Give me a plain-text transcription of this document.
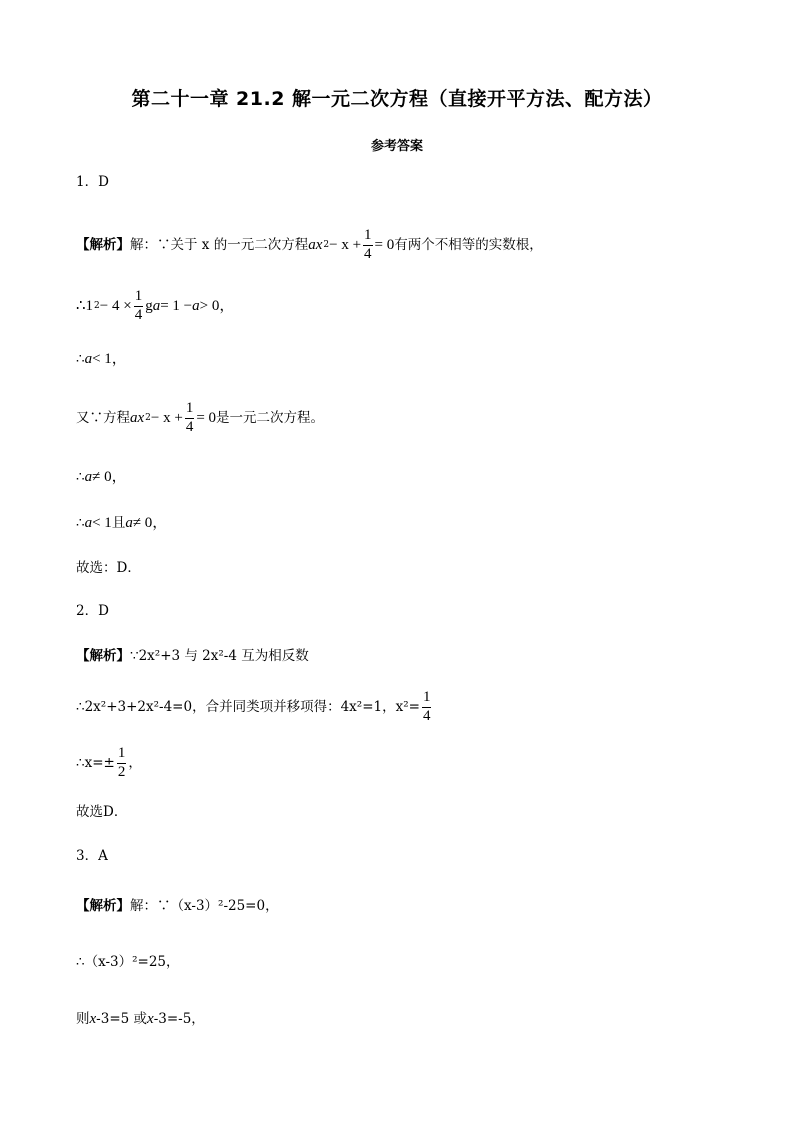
第二十一章 21.2 解一元二次方程（直接开平方法、配方法）
参考答案
1．D
【解析】 解：∵关于 x 的一元二次方程 ax $2 - x + \frac{1}{4} = 0$ 有两个不相等的实数根，
∴1 $2 - 4 \times \frac{1}{4}$ g a = 1 − a > 0，
∴ a < 1，
又∵方程 ax $2 - x + \frac{1}{4} = 0$ 是一元二次方程。
∴ a ≠ 0，
∴ a < 1 且 a ≠ 0，
故选：D．
2．D
【解析】 ∵2x²+3 与 2x²-4 互为相反数
∴2x²+3+2x²-4=0，合并同类项并移项得：4x²=1，$x^2= \frac{1}{4}$
∴x=± $\frac{1}{2}$ ，
故选D．
3．A
【解析】 解：∵（x-3）²-25=0，
∴（x-3）²=25，
则 x -3=5 或 x -3=-5，
